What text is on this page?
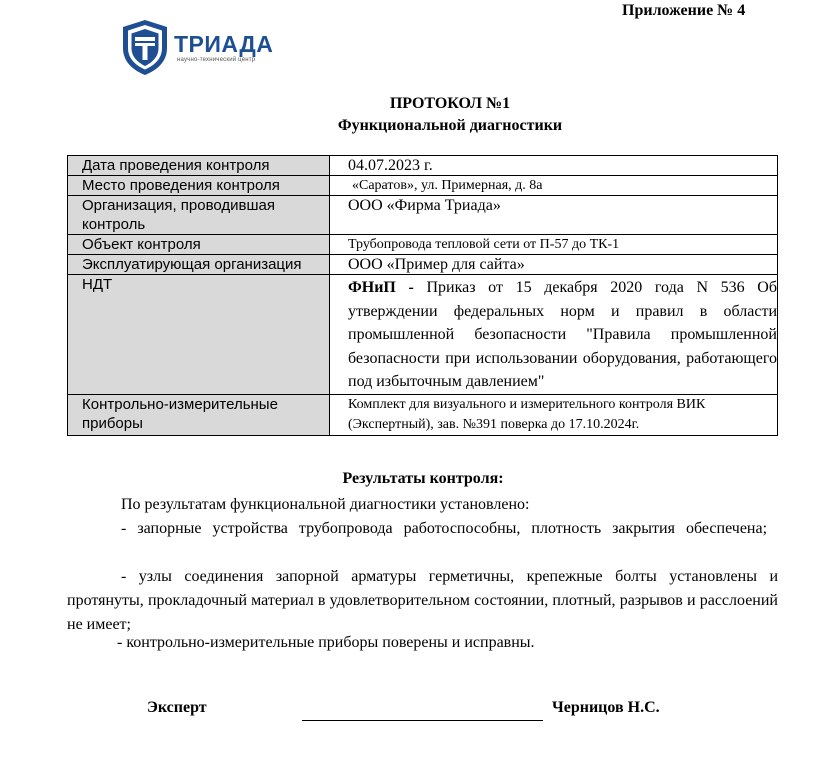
Приложение № 4
ТРИАДА
научно-технический центр
ПРОТОКОЛ №1
Функциональной диагностики
Дата проведения контроля	04.07.2023 г.
Место проведения контроля	«Саратов», ул. Примерная, д. 8а
Организация, проводившая контроль	ООО «Фирма Триада»
Объект контроля	Трубопровода тепловой сети от П-57 до ТК-1
Эксплуатирующая организация	ООО «Пример для сайта»
НДТ	ФНиП - Приказ от 15 декабря 2020 года N 536 Об утверждении федеральных норм и правил в области промышленной безопасности "Правила промышленной безопасности при использовании оборудования, работающего под избыточным давлением"
Контрольно-измерительные приборы	Комплект для визуального и измерительного контроля ВИК (Экспертный), зав. №391 поверка до 17.10.2024г.
Результаты контроля:
По результатам функциональной диагностики установлено:
- запорные устройства трубопровода работоспособны, плотность закрытия обеспечена;
- узлы соединения запорной арматуры герметичны, крепежные болты установлены и протянуты, прокладочный материал в удовлетворительном состоянии, плотный, разрывов и расслоений не имеет;
- контрольно-измерительные приборы поверены и исправны.
Эксперт	Черницов Н.С.
